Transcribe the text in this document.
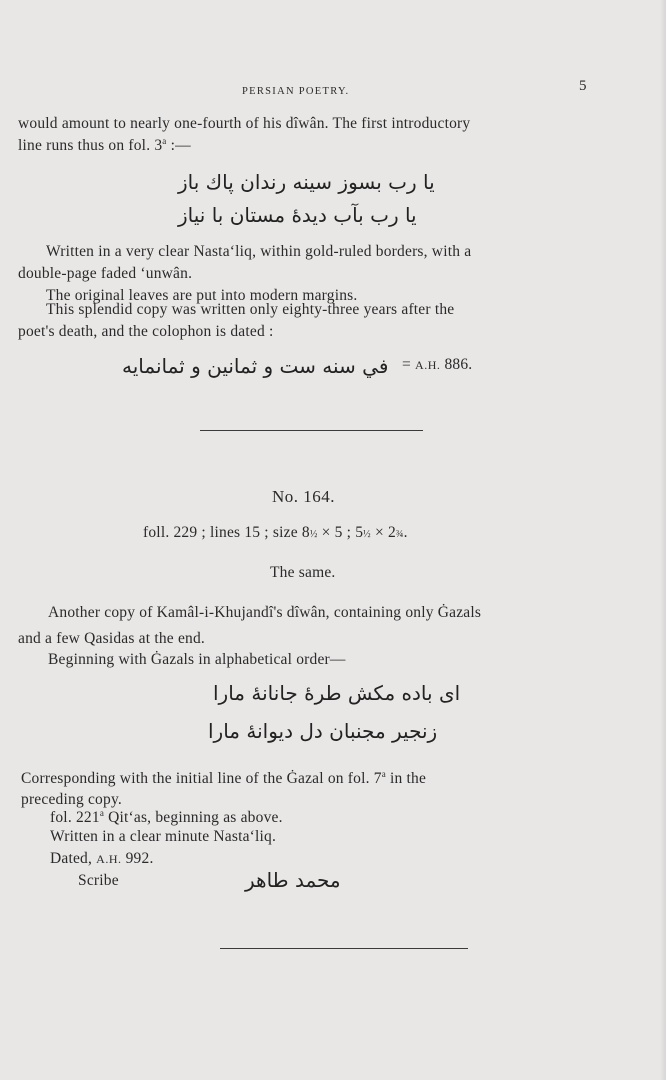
PERSIAN POETRY.	5
would amount to nearly one-fourth of his dîwân. The first introductory
line runs thus on fol. 3$^a$ :—
یا رب بسوز سینه رندان پاك باز
یا رب بآب دیدهٔ مستان با نیاز
Written in a very clear Nasta‘liq, within gold-ruled borders, with a
double-page faded ‘unwân.
The original leaves are put into modern margins.
This splendid copy was written only eighty-three years after the
poet's death, and the colophon is dated :
في سنه ست و ثمانین و ثمانمایه = A.H. 886.
No. 164.
foll. 229 ; lines 15 ; size 8½ × 5 ; 5½ × 2¾.
The same.
Another copy of Kamâl-i-Khujandî's dîwân, containing only Ġazals
and a few Qasidas at the end.
Beginning with Ġazals in alphabetical order—
ای باده مکش طرهٔ جانانهٔ مارا
زنجیر مجنبان دل دیوانهٔ مارا
Corresponding with the initial line of the Ġazal on fol. 7$^a$ in the
preceding copy.
fol. 221$^a$ Qit‘as, beginning as above.
Written in a clear minute Nasta‘liq.
Dated, A.H. 992.
Scribe	محمد طاهر
